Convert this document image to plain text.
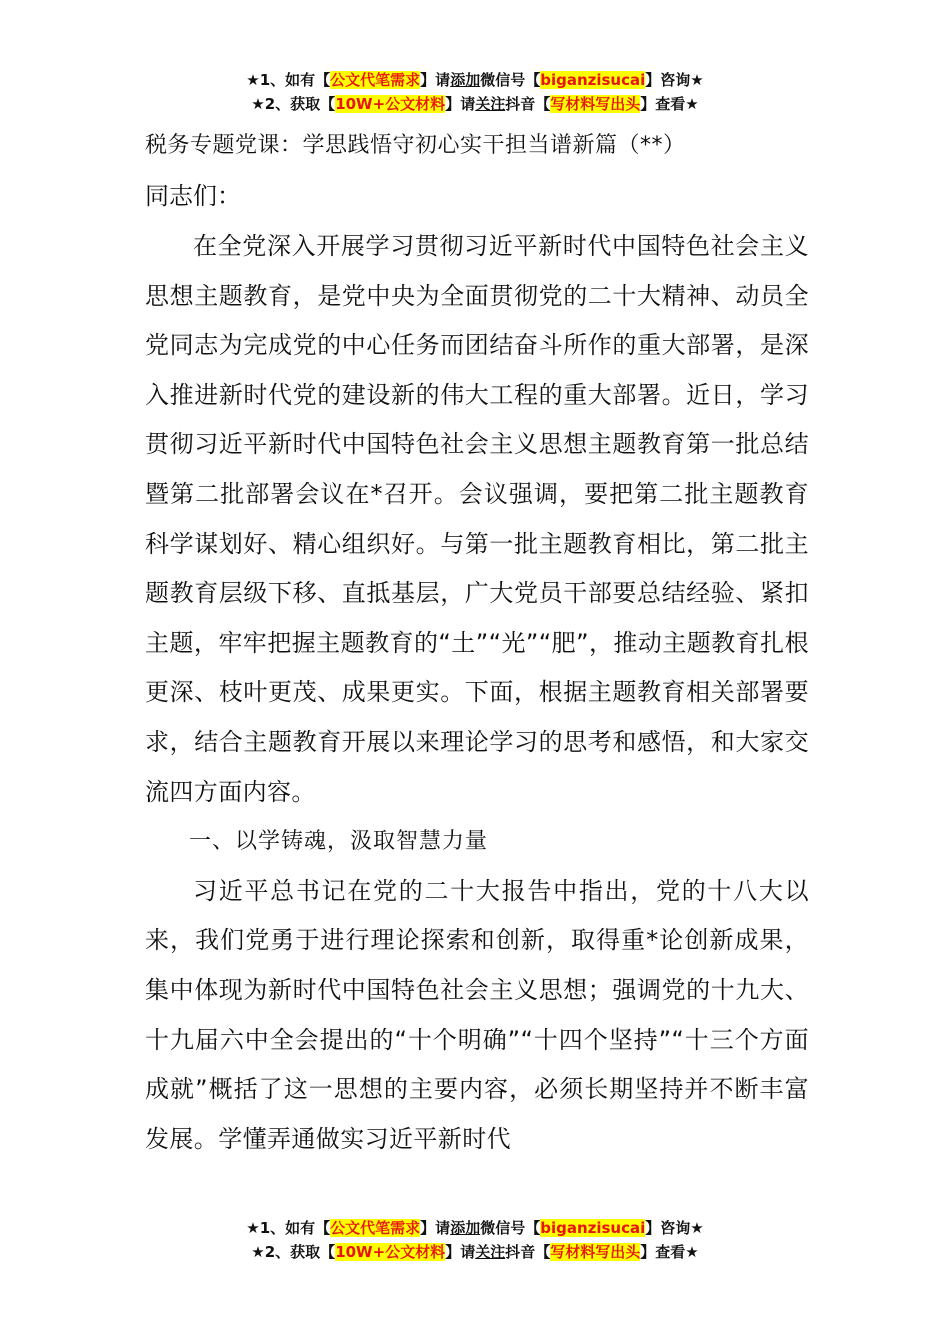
★1、如有【公文代笔需求】请添加微信号【biganzisucai】咨询★
★2、获取【10W+公文材料】请关注抖音【写材料写出头】查看★
税务专题党课：学思践悟守初心实干担当谱新篇（**）
同志们：

在全党深入开展学习贯彻习近平新时代中国特色社会主义思想主题教育，是党中央为全面贯彻党的二十大精神、动员全党同志为完成党的中心任务而团结奋斗所作的重大部署，是深入推进新时代党的建设新的伟大工程的重大部署。近日，学习贯彻习近平新时代中国特色社会主义思想主题教育第一批总结暨第二批部署会议在*召开。会议强调，要把第二批主题教育科学谋划好、精心组织好。与第一批主题教育相比，第二批主题教育层级下移、直抵基层，广大党员干部要总结经验、紧扣主题，牢牢把握主题教育的“土”“光”“肥”，推动主题教育扎根更深、枝叶更茂、成果更实。下面，根据主题教育相关部署要求，结合主题教育开展以来理论学习的思考和感悟，和大家交流四方面内容。

一、以学铸魂，汲取智慧力量

习近平总书记在党的二十大报告中指出，党的十八大以来，我们党勇于进行理论探索和创新，取得重*论创新成果，集中体现为新时代中国特色社会主义思想；强调党的十九大、十九届六中全会提出的“十个明确”“十四个坚持”“十三个方面成就”概括了这一思想的主要内容，必须长期坚持并不断丰富发展。学懂弄通做实习近平新时代

★1、如有【公文代笔需求】请添加微信号【biganzisucai】咨询★
★2、获取【10W+公文材料】请关注抖音【写材料写出头】查看★
